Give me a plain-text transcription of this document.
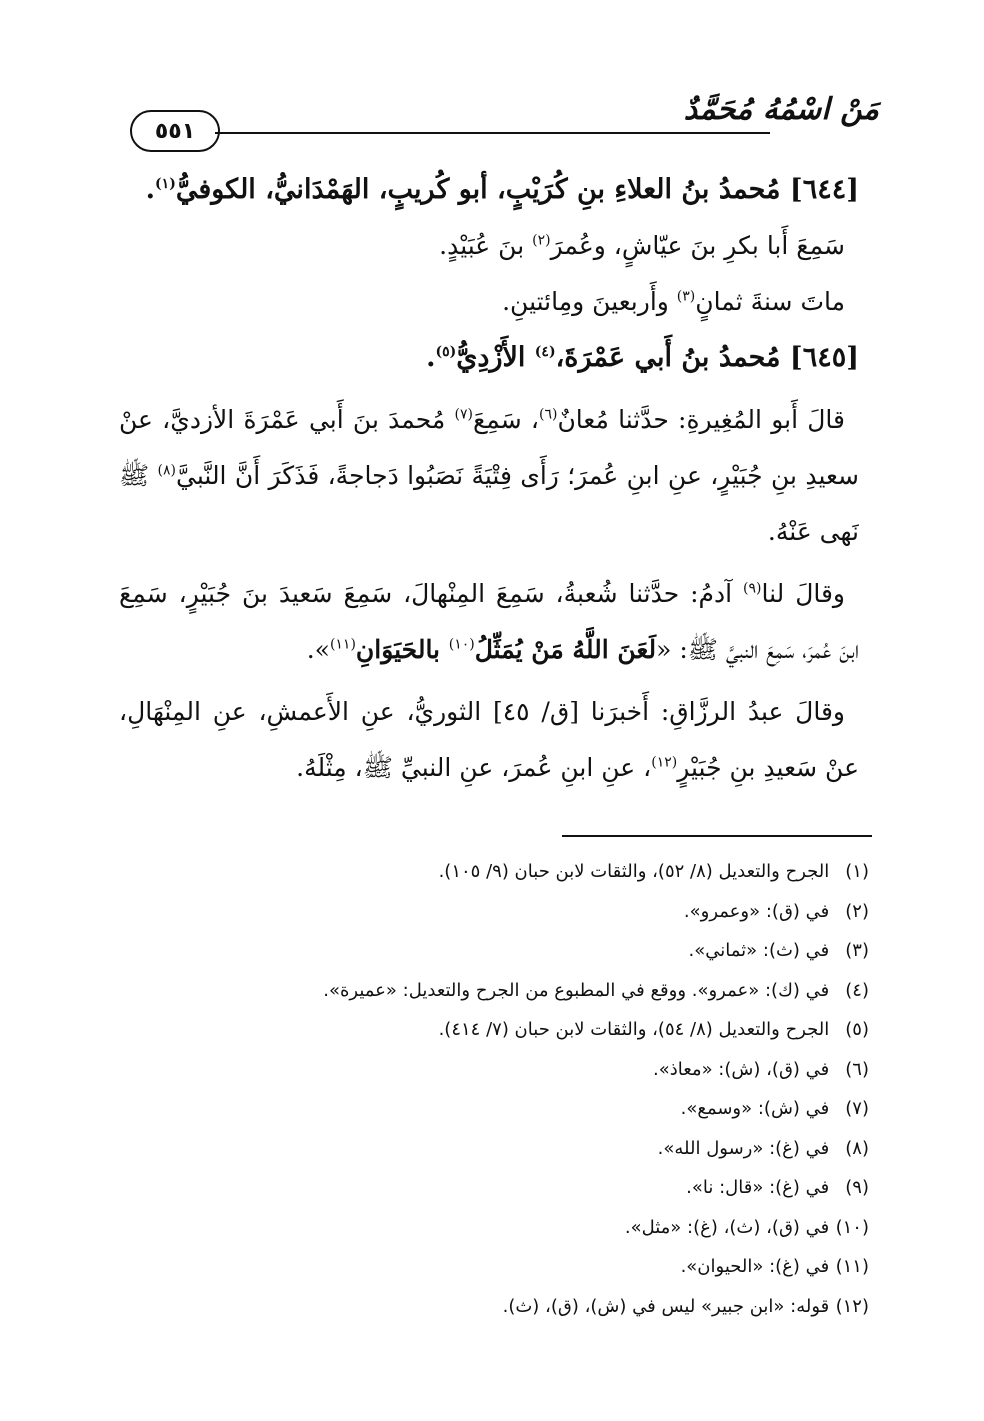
مَنْ اسْمُهُ مُحَمَّدٌ
٥٥١
[٦٤٤] مُحمدُ بنُ العلاءِ بنِ كُرَيْبٍ، أبو كُريبٍ، الهَمْدَانيُّ، الكوفيُّ$^{(١)}$.
سَمِعَ أَبا بكرِ بنَ عيّاشٍ، وعُمرَ$^{(٢)}$ بنَ عُبَيْدٍ.
ماتَ سنةَ ثمانٍ$^{(٣)}$ وأَربعينَ ومِائتينِ.
[٦٤٥] مُحمدُ بنُ أَبي عَمْرَةَ،$^{(٤)}$ الأَزْدِيُّ$^{(٥)}$.
قالَ أَبو المُغِيرةِ: حدَّثنا مُعانٌ$^{(٦)}$، سَمِعَ$^{(٧)}$ مُحمدَ بنَ أَبي عَمْرَةَ الأزديَّ، عنْ
سعيدِ بنِ جُبَيْرٍ، عنِ ابنِ عُمرَ؛ رَأَى فِتْيَةً نَصَبُوا دَجاجةً، فَذَكَرَ أَنَّ النَّبيَّ$^{(٨)}$ ﷺ
نَهى عَنْهُ.
وقالَ لنا$^{(٩)}$ آدمُ: حدَّثنا شُعبةُ، سَمِعَ المِنْهالَ، سَمِعَ سَعيدَ بنَ جُبَيْرٍ، سَمِعَ
ابنَ عُمرَ، سَمِعَ النبيَّ ﷺ: «لَعَنَ اللَّهُ مَنْ يُمَثِّلُ$^{(١٠)}$ بالحَيَوَانِ$^{(١١)}$».
وقالَ عبدُ الرزَّاقِ: أَخبرَنا [ق/ ٤٥] الثوريُّ، عنِ الأَعمشِ، عنِ المِنْهَالِ،
عنْ سَعيدِ بنِ جُبَيْرٍ$^{(١٢)}$، عنِ ابنِ عُمرَ، عنِ النبيِّ ﷺ، مِثْلَهُ.
(١) الجرح والتعديل (٨/ ٥٢)، والثقات لابن حبان (٩/ ١٠٥).
(٢) في (ق): «وعمرو».
(٣) في (ث): «ثماني».
(٤) في (ك): «عمرو». ووقع في المطبوع من الجرح والتعديل: «عميرة».
(٥) الجرح والتعديل (٨/ ٥٤)، والثقات لابن حبان (٧/ ٤١٤).
(٦) في (ق)، (ش): «معاذ».
(٧) في (ش): «وسمع».
(٨) في (غ): «رسول الله».
(٩) في (غ): «قال: نا».
(١٠) في (ق)، (ث)، (غ): «مثل».
(١١) في (غ): «الحيوان».
(١٢) قوله: «ابن جبير» ليس في (ش)، (ق)، (ث).
